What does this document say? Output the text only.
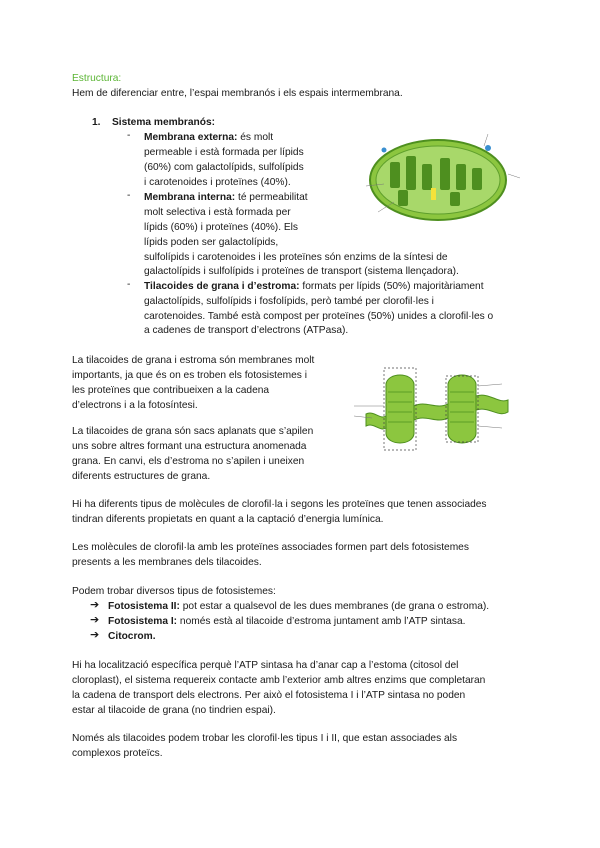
Estructura:
Hem de diferenciar entre, l’espai membranós i els espais intermembrana.
1. Sistema membranós:
- Membrana externa: és molt
permeable i està formada per lípids
(60%) com galactolípids, sulfolípids
i carotenoides i proteïnes (40%).
- Membrana interna: té permeabilitat
molt selectiva i està formada per
lípids (60%) i proteïnes (40%). Els
lípids poden ser galactolípids,
sulfolípids i carotenoides i les proteïnes són enzims de la síntesi de
galactolípids i sulfolípids i proteïnes de transport (sistema llençadora).
- Tilacoides de grana i d’estroma: formats per lípids (50%) majoritàriament
galactolípids, sulfolípids i fosfolípids, però també per clorofil·les i
carotenoides. També està compost per proteïnes (50%) unides a clorofil·les o
a cadenes de transport d’electrons (ATPasa).
La tilacoides de grana i estroma són membranes molt
importants, ja que és on es troben els fotosistemes i
les proteïnes que contribueixen a la cadena
d’electrons i a la fotosíntesi.
La tilacoides de grana són sacs aplanats que s’apilen
uns sobre altres formant una estructura anomenada
grana. En canvi, els d’estroma no s’apilen i uneixen
diferents estructures de grana.
Hi ha diferents tipus de molècules de clorofil·la i segons les proteïnes que tenen associades
tindran diferents propietats en quant a la captació d’energia lumínica.
Les molècules de clorofil·la amb les proteïnes associades formen part dels fotosistemes
presents a les membranes dels tilacoides.
Podem trobar diversos tipus de fotosistemes:
➔ Fotosistema II: pot estar a qualsevol de les dues membranes (de grana o estroma).
➔ Fotosistema I: només està al tilacoide d’estroma juntament amb l’ATP sintasa.
➔ Citocrom.
Hi ha localització específica perquè l’ATP sintasa ha d’anar cap a l’estoma (citosol del
cloroplast), el sistema requereix contacte amb l’exterior amb altres enzims que completaran
la cadena de transport dels electrons. Per això el fotosistema I i l’ATP sintasa no poden
estar al tilacoide de grana (no tindrien espai).
Només als tilacoides podem trobar les clorofil·les tipus I i II, que estan associades als
complexos proteïcs.
